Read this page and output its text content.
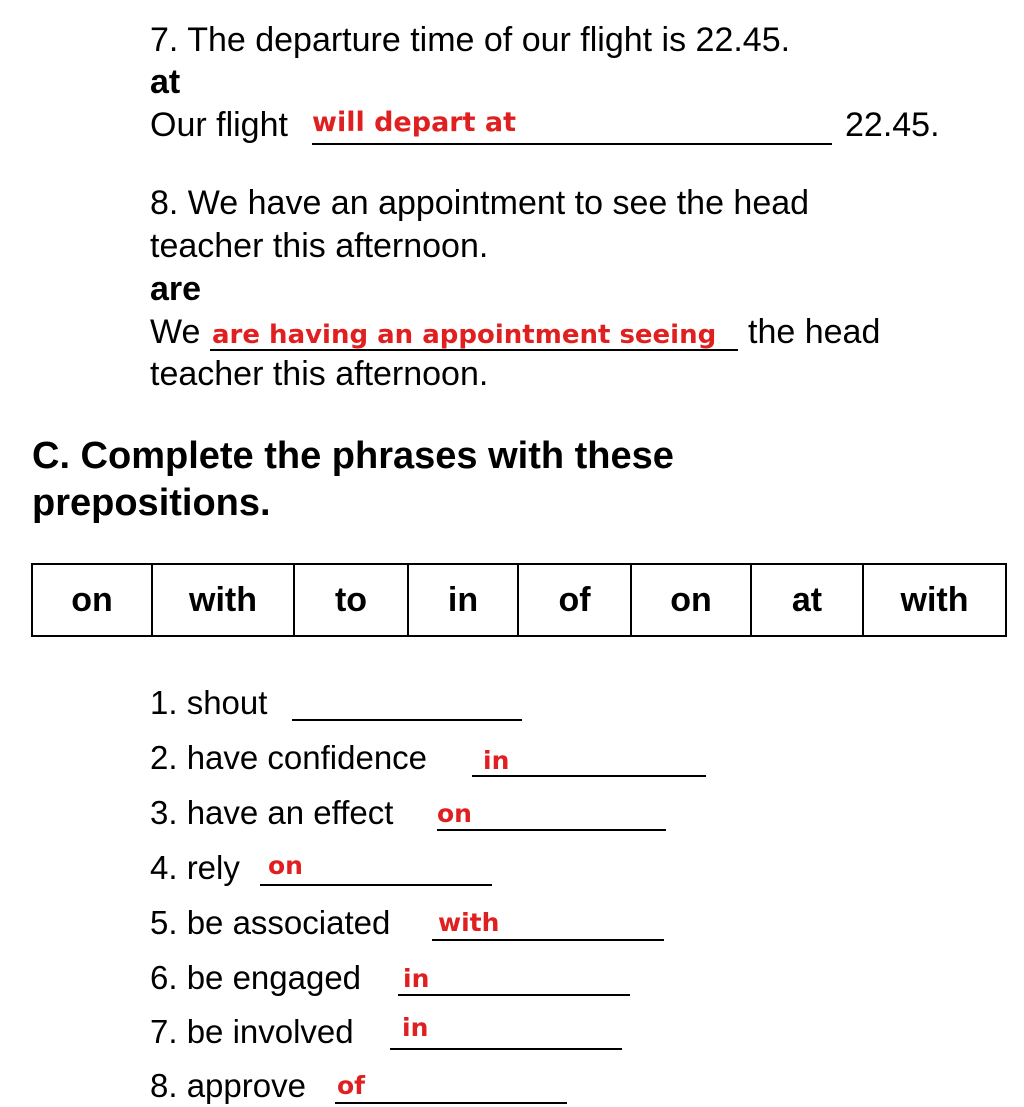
7. The departure time of our flight is 22.45.
at
Our flight will depart at	22.45.
8. We have an appointment to see the head
teacher this afternoon.
are
We are having an appointment seeing the head
teacher this afternoon.
C. Complete the phrases with these
prepositions.
on	with	to	in	of	on	at	with
1. shout
2. have confidence in
3. have an effect on
4. rely on
5. be associated with
6. be engaged in
7. be involved in
8. approve of
